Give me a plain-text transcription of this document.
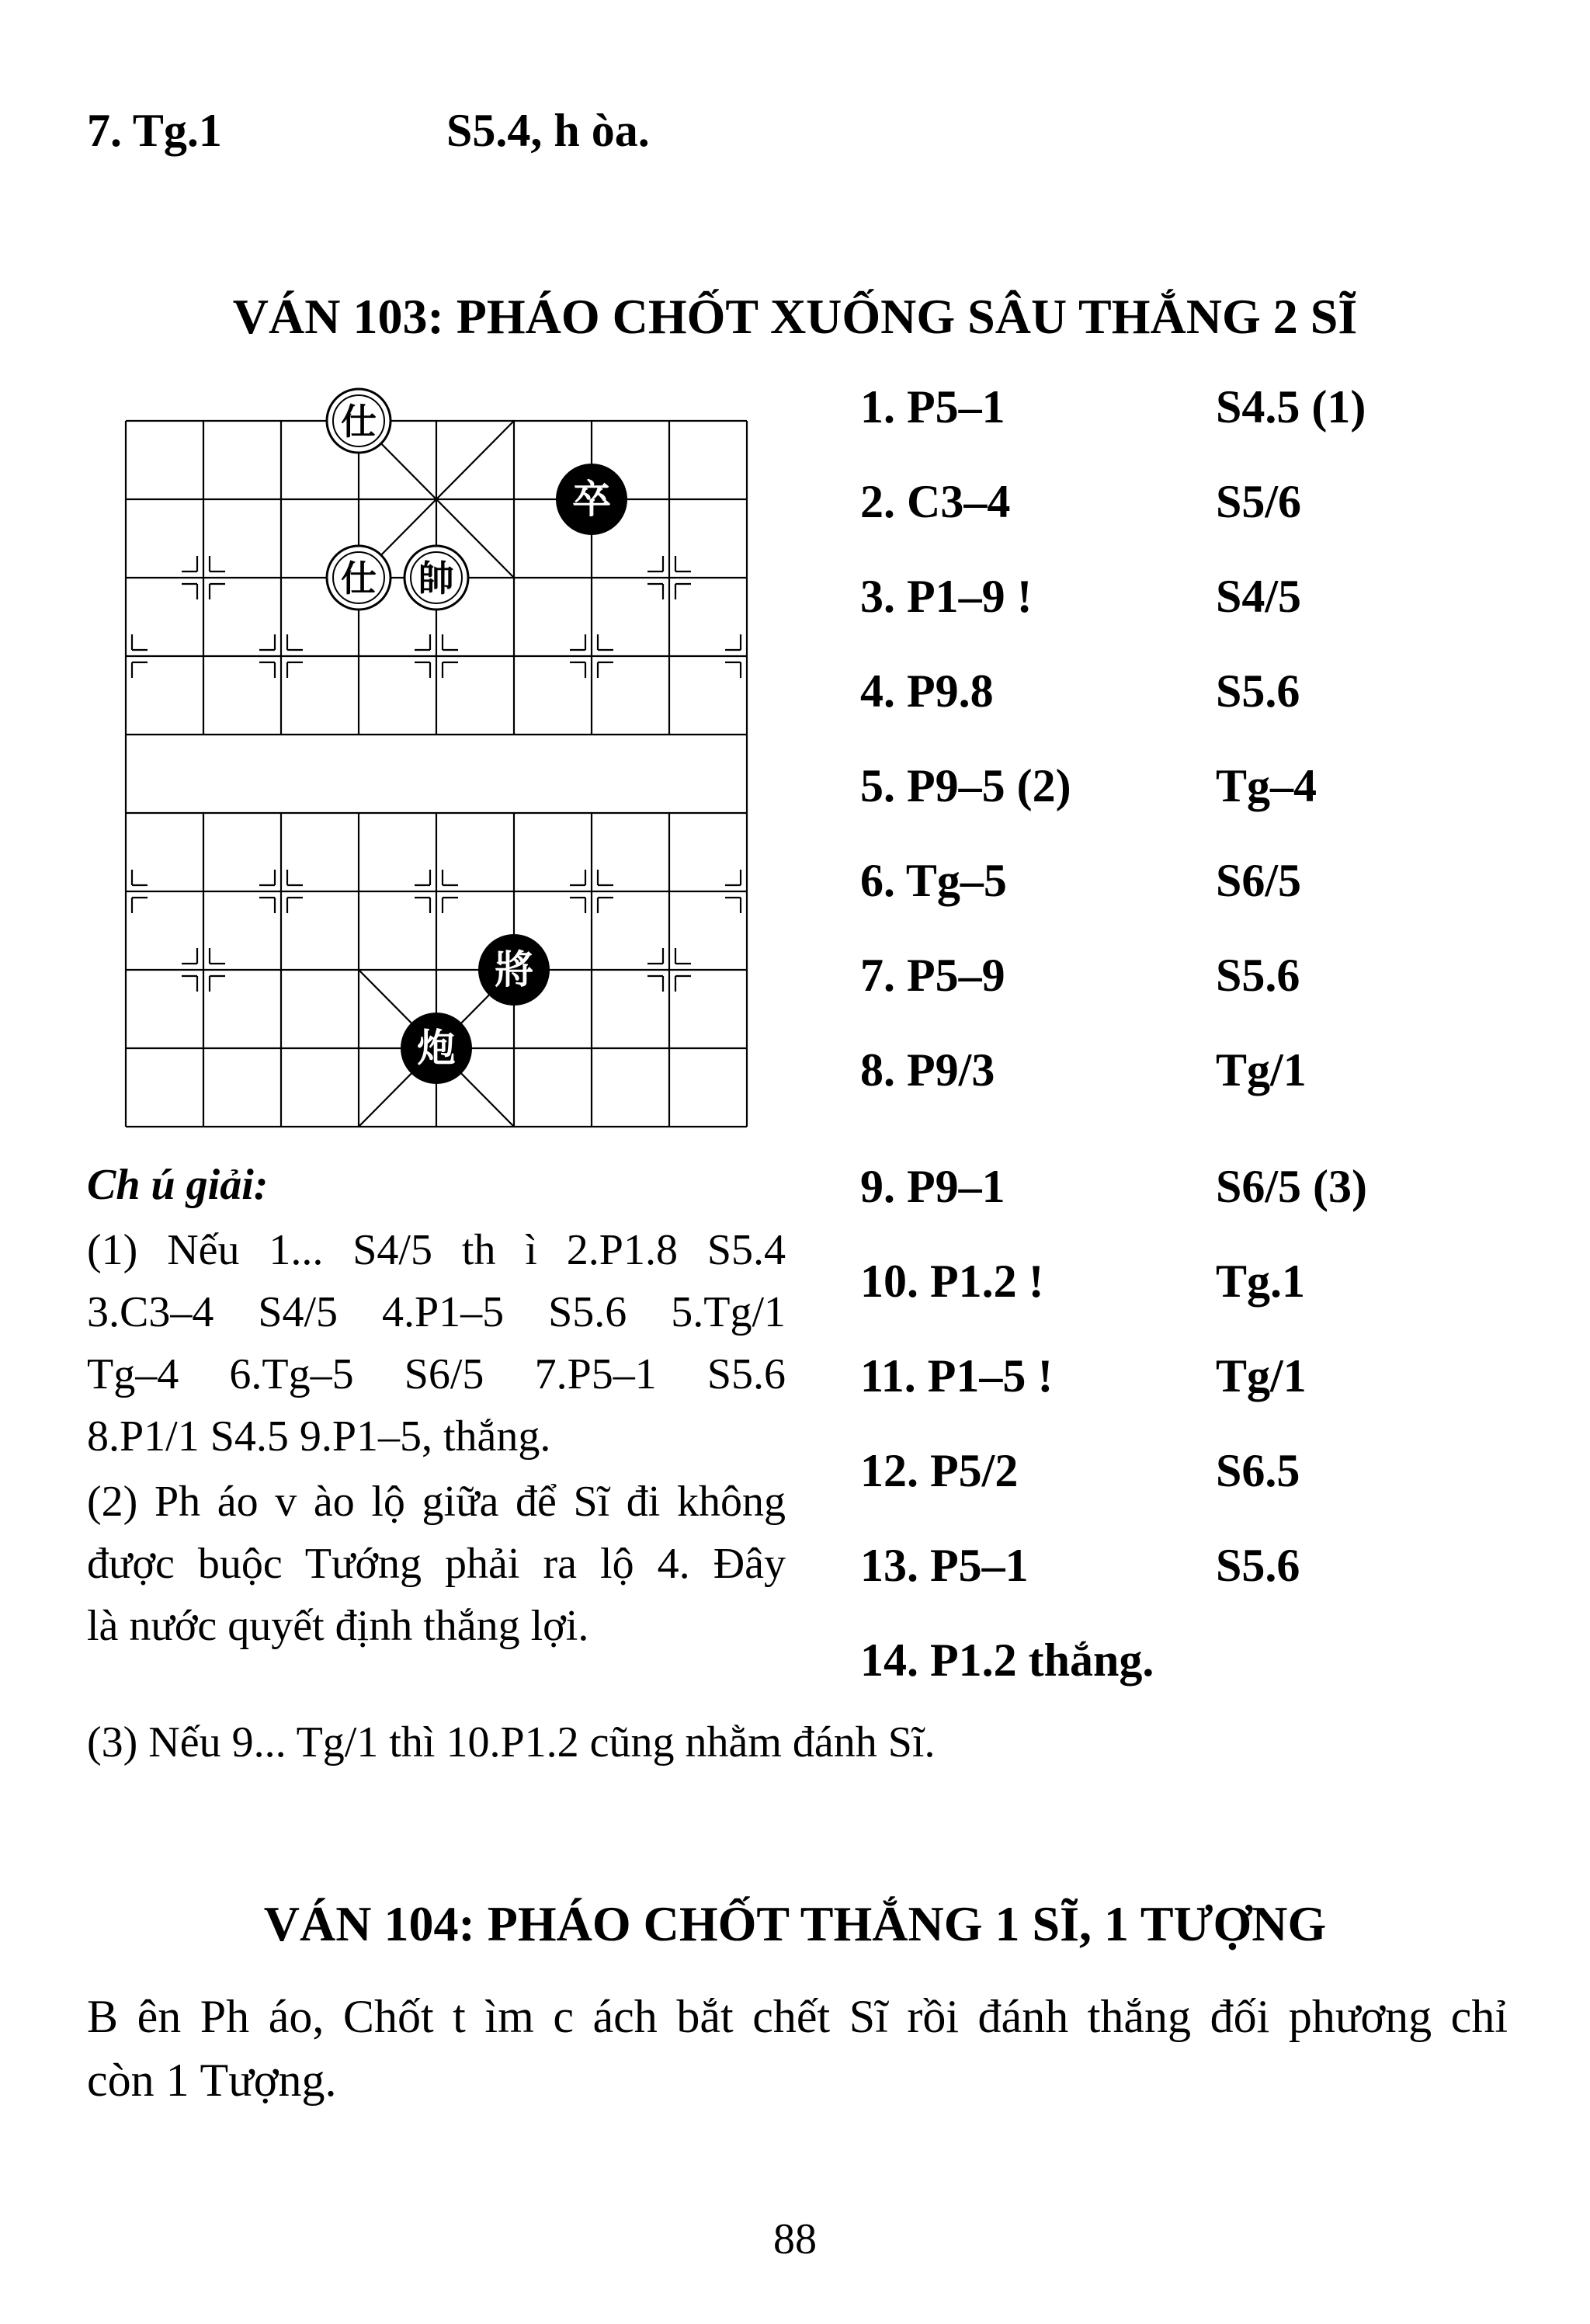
7. Tg.1	S5.4, h òa.
VÁN 103: PHÁO CHỐT XUỐNG SÂU THẮNG 2 SĨ
仕
卒
仕 帥
將
炮
1. P5–1	S4.5 (1)
2. C3–4	S5/6
3. P1–9 !	S4/5
4. P9.8	S5.6
5. P9–5 (2)	Tg–4
6. Tg–5	S6/5
7. P5–9	S5.6
8. P9/3	Tg/1
9. P9–1	S6/5 (3)
10. P1.2 !	Tg.1
11. P1–5 !	Tg/1
12. P5/2	S6.5
13. P5–1	S5.6
14. P1.2 thắng.
Ch ú giải:
(1) Nếu 1... S4/5 th ì 2.P1.8 S5.4
3.C3–4 S4/5 4.P1–5 S5.6 5.Tg/1
Tg–4 6.Tg–5 S6/5 7.P5–1 S5.6
8.P1/1 S4.5 9.P1–5, thắng.
(2) Ph áo v ào lộ giữa để Sĩ đi không
được buộc Tướng phải ra lộ 4. Đây
là nước quyết định thắng lợi.
(3) Nếu 9... Tg/1 thì 10.P1.2 cũng nhằm đánh Sĩ.
VÁN 104: PHÁO CHỐT THẮNG 1 SĨ, 1 TƯỢNG
B ên Ph áo, Chốt t ìm c ách bắt chết Sĩ rồi đánh thắng đối phương chỉ
còn 1 Tượng.
88
